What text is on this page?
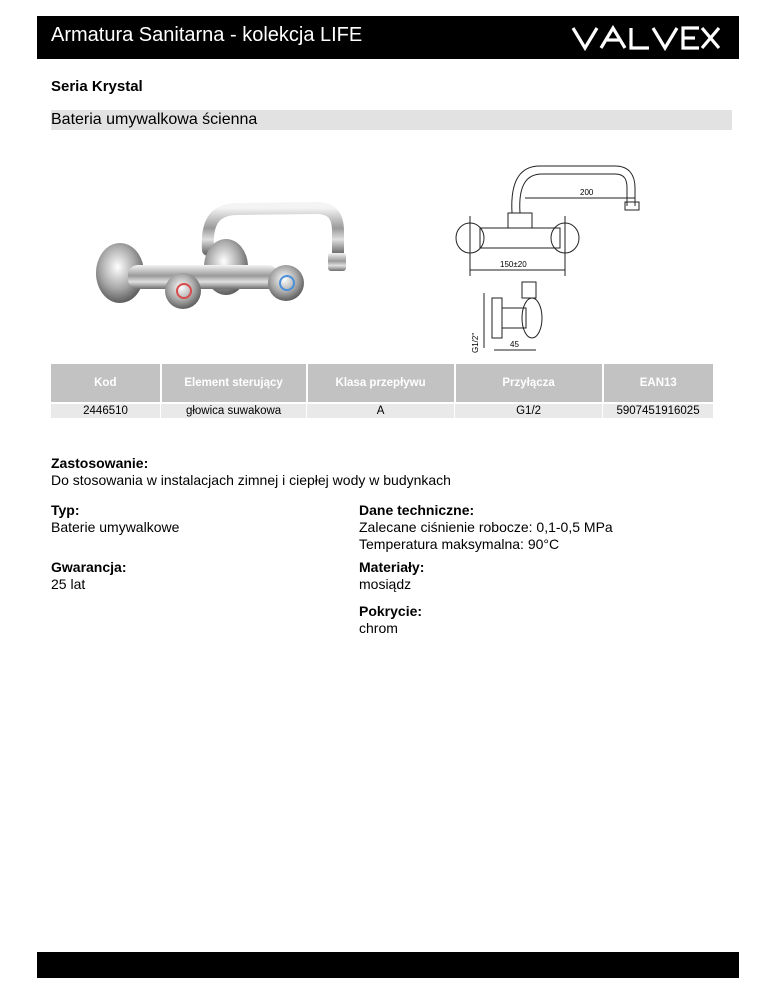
Armatura Sanitarna - kolekcja LIFE
Seria Krystal
Bateria umywalkowa ścienna
200
150±20
45
G1/2"
Kod	Element sterujący	Klasa przepływu	Przyłącza	EAN13
2446510	głowica suwakowa	A	G1/2	5907451916025
Zastosowanie:
Do stosowania w instalacjach zimnej i ciepłej wody w budynkach
Typ:
Baterie umywalkowe
Gwarancja:
25 lat
Dane techniczne:
Zalecane ciśnienie robocze: 0,1-0,5 MPa
Temperatura maksymalna: 90°C
Materiały:
mosiądz
Pokrycie:
chrom
